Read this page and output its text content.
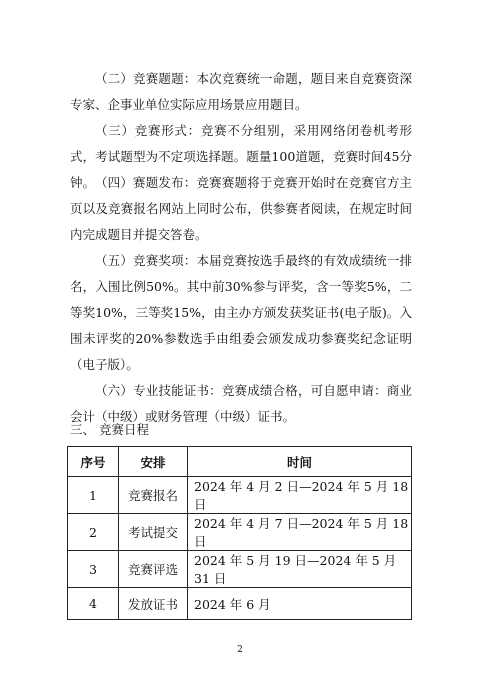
（二）竞赛题题：本次竞赛统一命题，题目来自竞赛资深专家、企事业单位实际应用场景应用题目。

（三）竞赛形式：竞赛不分组别，采用网络闭卷机考形式，考试题型为不定项选择题。题量100道题，竞赛时间45分钟。 （四）赛题发布：竞赛赛题将于竞赛开始时在竞赛官方主页以及竞赛报名网站上同时公布，供参赛者阅读，在规定时间内完成题目并提交答卷。

（五）竞赛奖项：本届竞赛按选手最终的有效成绩统一排名，入围比例50%。其中前30%参与评奖，含一等奖5%，二等奖10%，三等奖15%，由主办方颁发获奖证书(电子版)。入围未评奖的20%参数选手由组委会颁发成功参赛奖纪念证明（电子版）。

（六）专业技能证书：竞赛成绩合格，可自愿申请：商业会计（中级）或财务管理（中级）证书。

三、 竞赛日程

序号	安排	时间
1	竞赛报名	2024 年 4 月 2 日—2024 年 5 月 18 日
2	考试提交	2024 年 4 月 7 日—2024 年 5 月 18 日
3	竞赛评选	2024 年 5 月 19 日—2024 年 5 月 31 日
4	发放证书	2024 年 6 月
2
